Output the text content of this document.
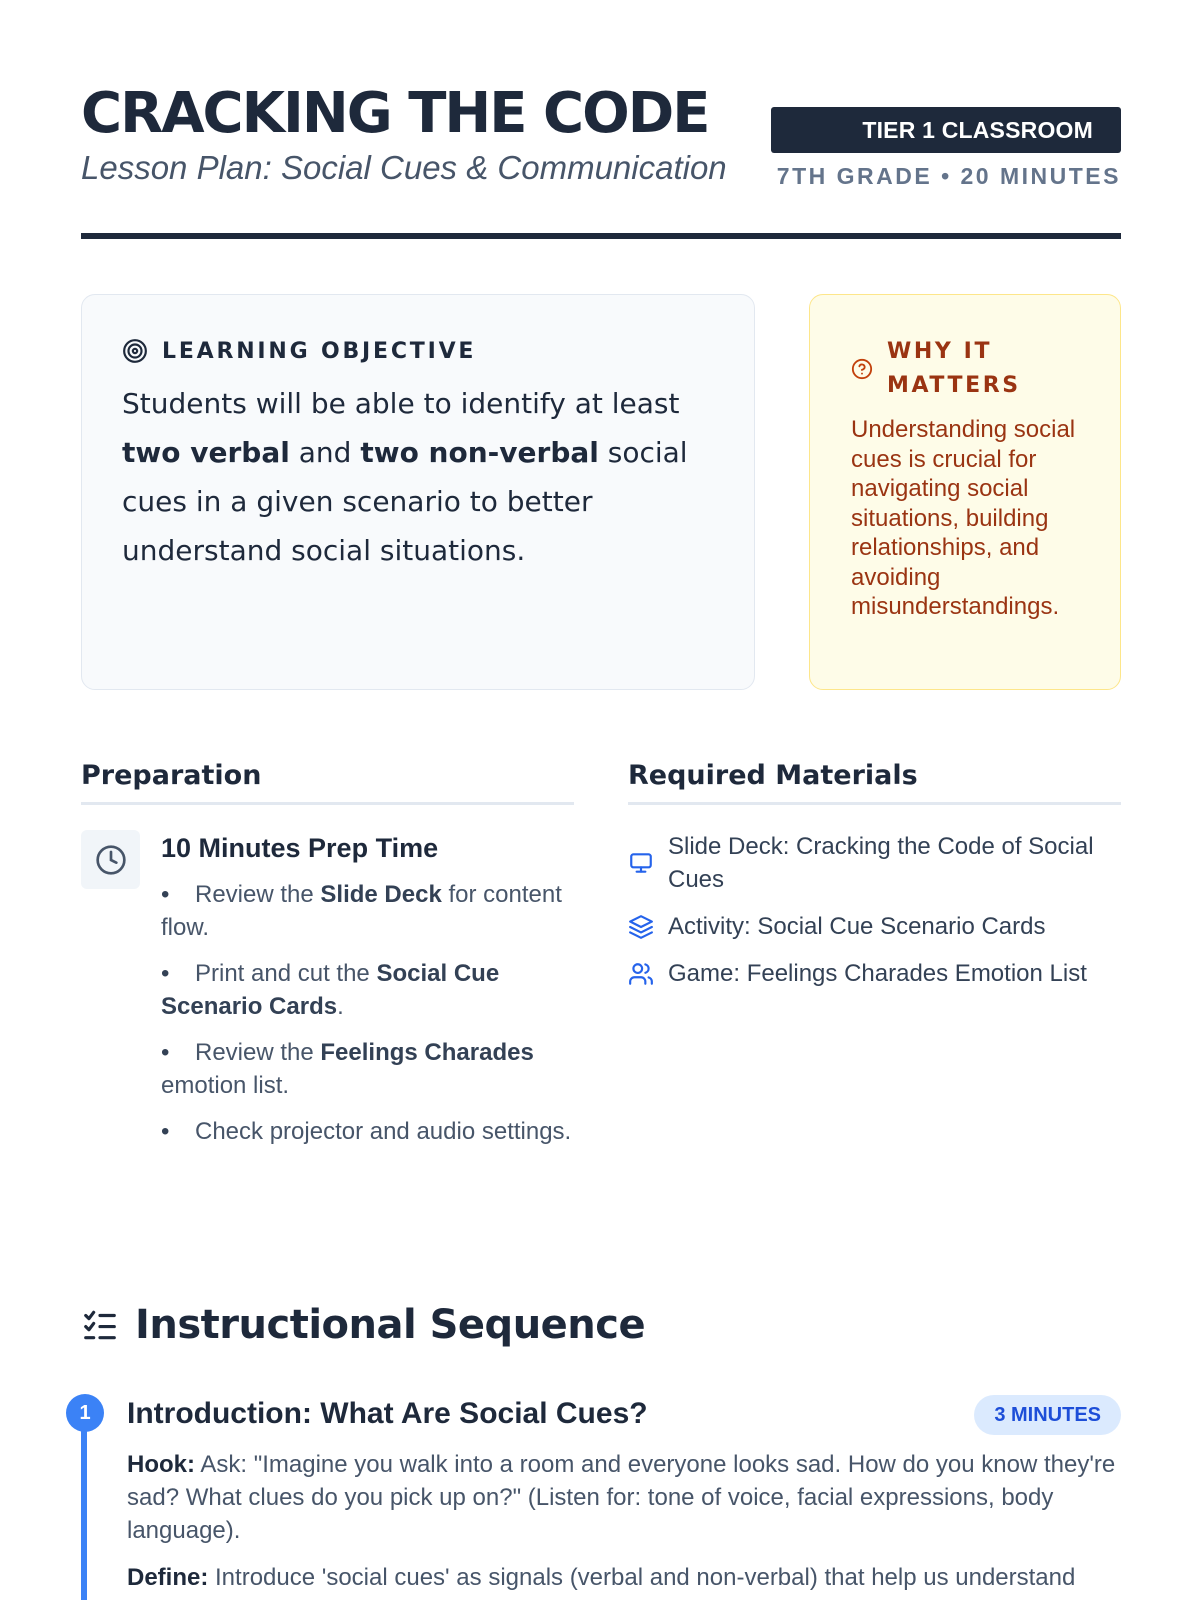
CRACKING THE CODE

Lesson Plan: Social Cues & Communication

TIER 1 CLASSROOM
7TH GRADE • 20 MINUTES
LEARNING OBJECTIVE

Students will be able to identify at least two verbal and two non-verbal social cues in a given scenario to better understand social situations.

WHY IT MATTERS

Understanding social cues is crucial for navigating social situations, building relationships, and avoiding misunderstandings.

Preparation
10 Minutes Prep Time
• Review the Slide Deck for content flow.
• Print and cut the Social Cue Scenario Cards.
• Review the Feelings Charades emotion list.
• Check projector and audio settings.
Required Materials
Slide Deck: Cracking the Code of Social Cues
Activity: Social Cue Scenario Cards
Game: Feelings Charades Emotion List
Instructional Sequence
1	Introduction: What Are Social Cues?	3 MINUTES

Hook: Ask: "Imagine you walk into a room and everyone looks sad. How do you know they're sad? What clues do you pick up on?" (Listen for: tone of voice, facial expressions, body language).

Define: Introduce 'social cues' as signals (verbal and non-verbal) that help us understand
